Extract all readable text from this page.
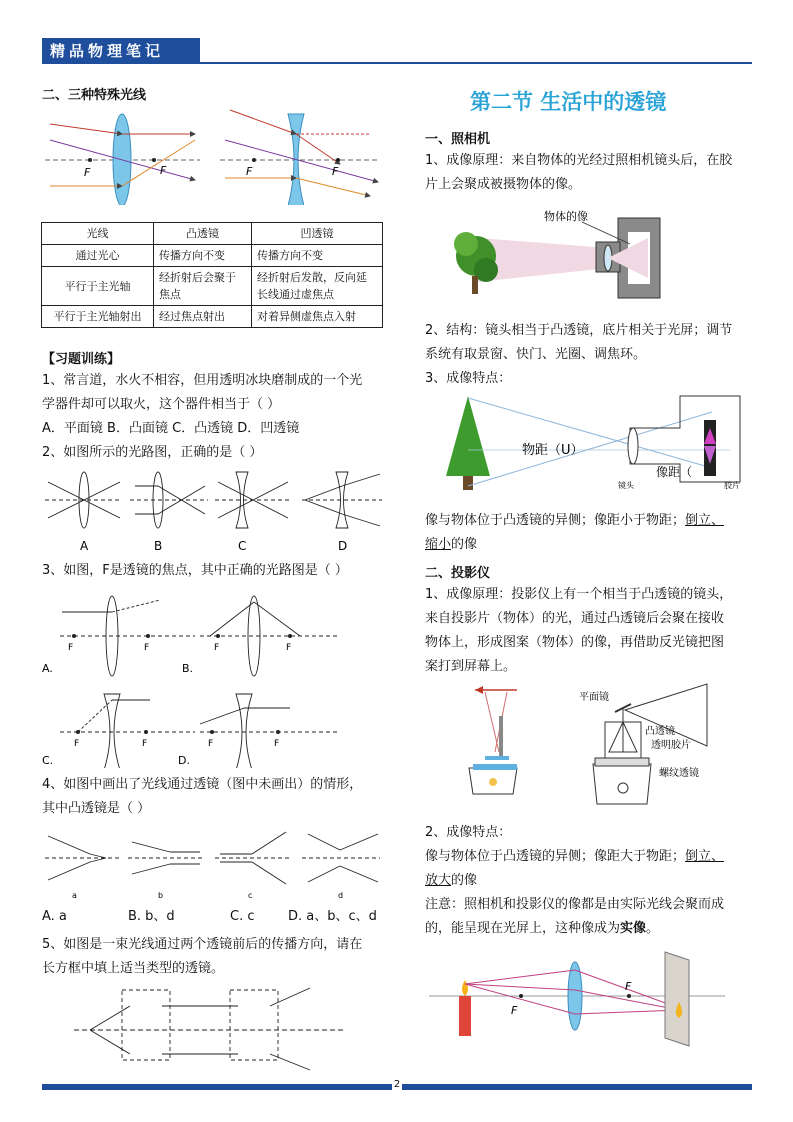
精品物理笔记
二、三种特殊光线
F	F	F	F
光线	凸透镜	凹透镜
通过光心	传播方向不变	传播方向不变
平行于主光轴	经折射后会聚于焦点	经折射后发散，反向延长线通过虚焦点
平行于主光轴射出	经过焦点射出	对着异侧虚焦点入射
【习题训练】
1、常言道，水火不相容，但用透明冰块磨制成的一个光
学器件却可以取火，这个器件相当于（ ）
A．平面镜 B．凸面镜 C．凸透镜 D．凹透镜
2、如图所示的光路图，正确的是（ ）
A	B	C	D
3、如图，F是透镜的焦点，其中正确的光路图是（ ）
F	F	F	F
F	F	F	F
A.	B.
C.	D.
4、如图中画出了光线通过透镜（图中未画出）的情形，
其中凸透镜是（ ）
a	b	c	d
A. a	B. b、d	C. c	D. a、b、c、d
5、如图是一束光线通过两个透镜前后的传播方向，请在
长方框中填上适当类型的透镜。
第二节 生活中的透镜
一、照相机
1、成像原理：来自物体的光经过照相机镜头后，在胶
片上会聚成被摄物体的像。
物体的像
2、结构：镜头相当于凸透镜，底片相关于光屏；调节
系统有取景窗、快门、光圈、调焦环。
3、成像特点：
物距（U）
像距（
镜头	胶片
像与物体位于凸透镜的异侧；像距小于物距；倒立、
缩小的像
二、投影仪
1、成像原理：投影仪上有一个相当于凸透镜的镜头，
来自投影片（物体）的光，通过凸透镜后会聚在接收
物体上，形成图案（物体）的像，再借助反光镜把图
案打到屏幕上。
平面镜
凸透镜
透明胶片
螺纹透镜
2、成像特点：
像与物体位于凸透镜的异侧；像距大于物距；倒立、
放大的像
注意：照相机和投影仪的像都是由实际光线会聚而成
的，能呈现在光屏上，这种像成为实像。
F
F
2
